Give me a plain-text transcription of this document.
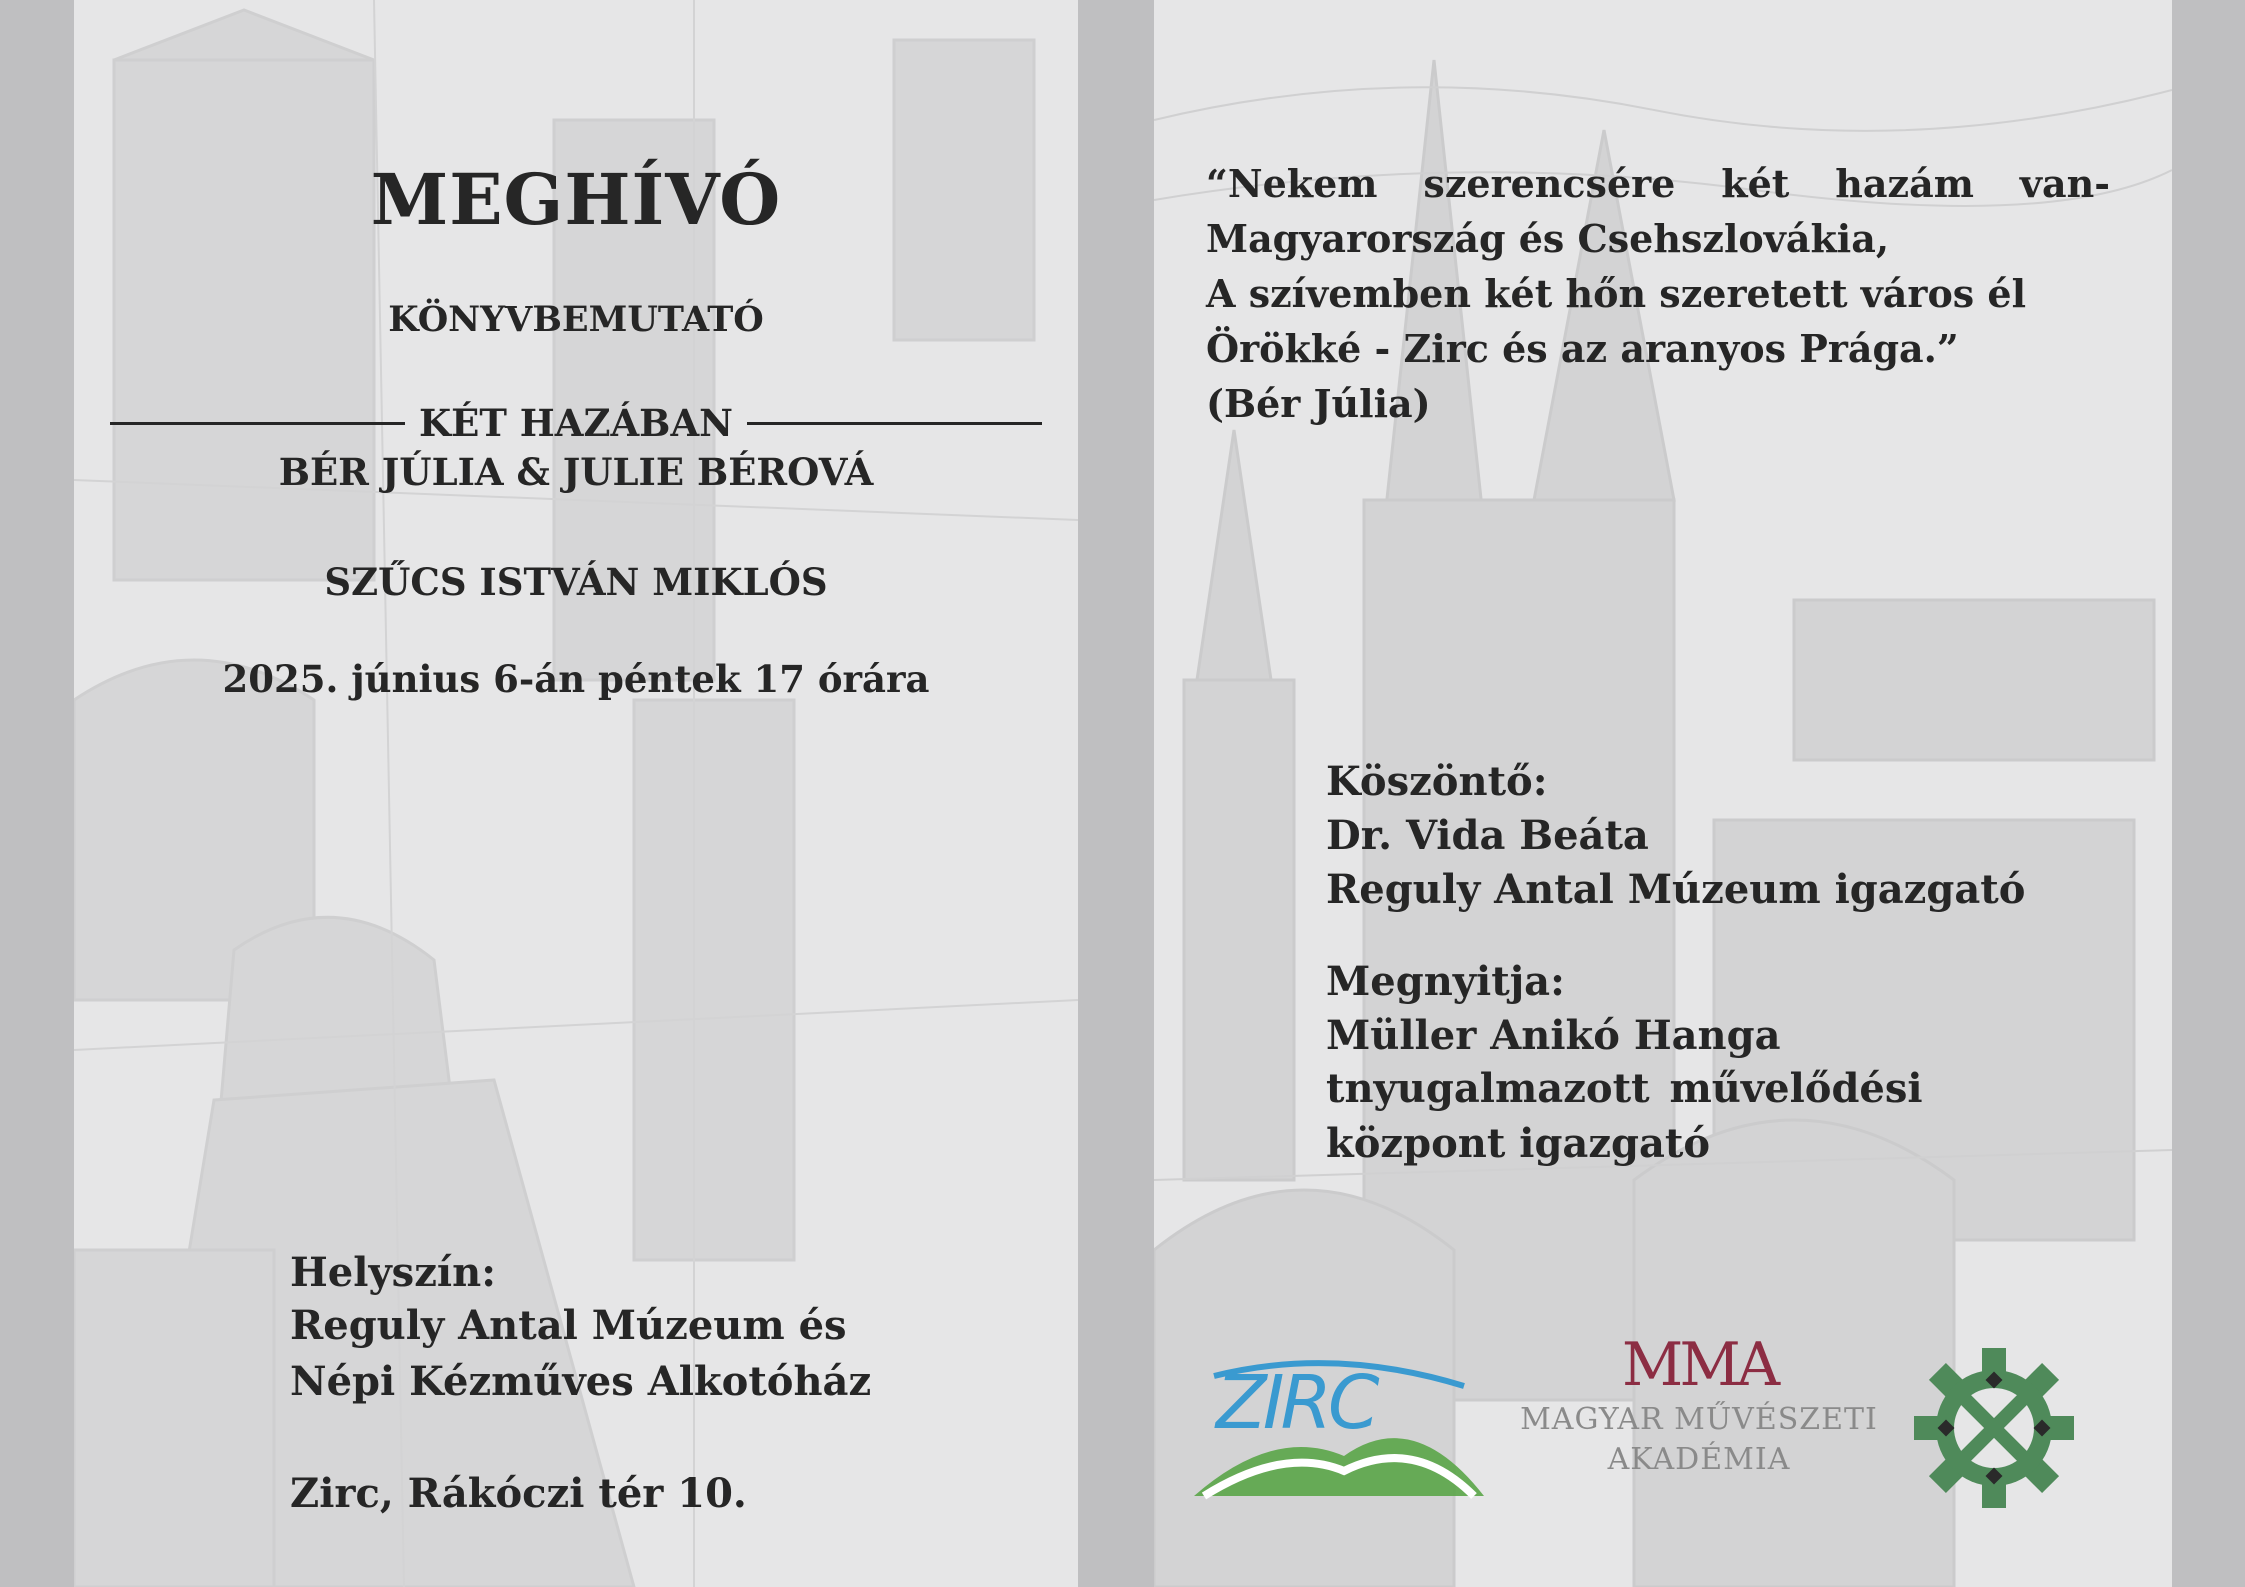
MEGHÍVÓ

KÖNYVBEMUTATÓ

KÉT HAZÁBAN

BÉR JÚLIA & JULIE BÉROVÁ

SZŰCS ISTVÁN MIKLÓS

2025. június 6-án péntek 17 órára

Helyszín:

Reguly Antal Múzeum és

Népi Kézműves Alkotóház

Zirc, Rákóczi tér 10.

“Nekem szerencsére két hazám van-
Magyarország és Csehszlovákia,
A szívemben két hőn szeretett város él
Örökké - Zirc és az aranyos Prága.”
(Bér Júlia)

Köszöntő:

Dr. Vida Beáta

Reguly Antal Múzeum igazgató

Megnyitja:

Müller Anikó Hanga

tnyugalmazott művelődési

központ igazgató

ZIRC	MMA
MAGYAR MŰVÉSZETI
AKADÉMIA
